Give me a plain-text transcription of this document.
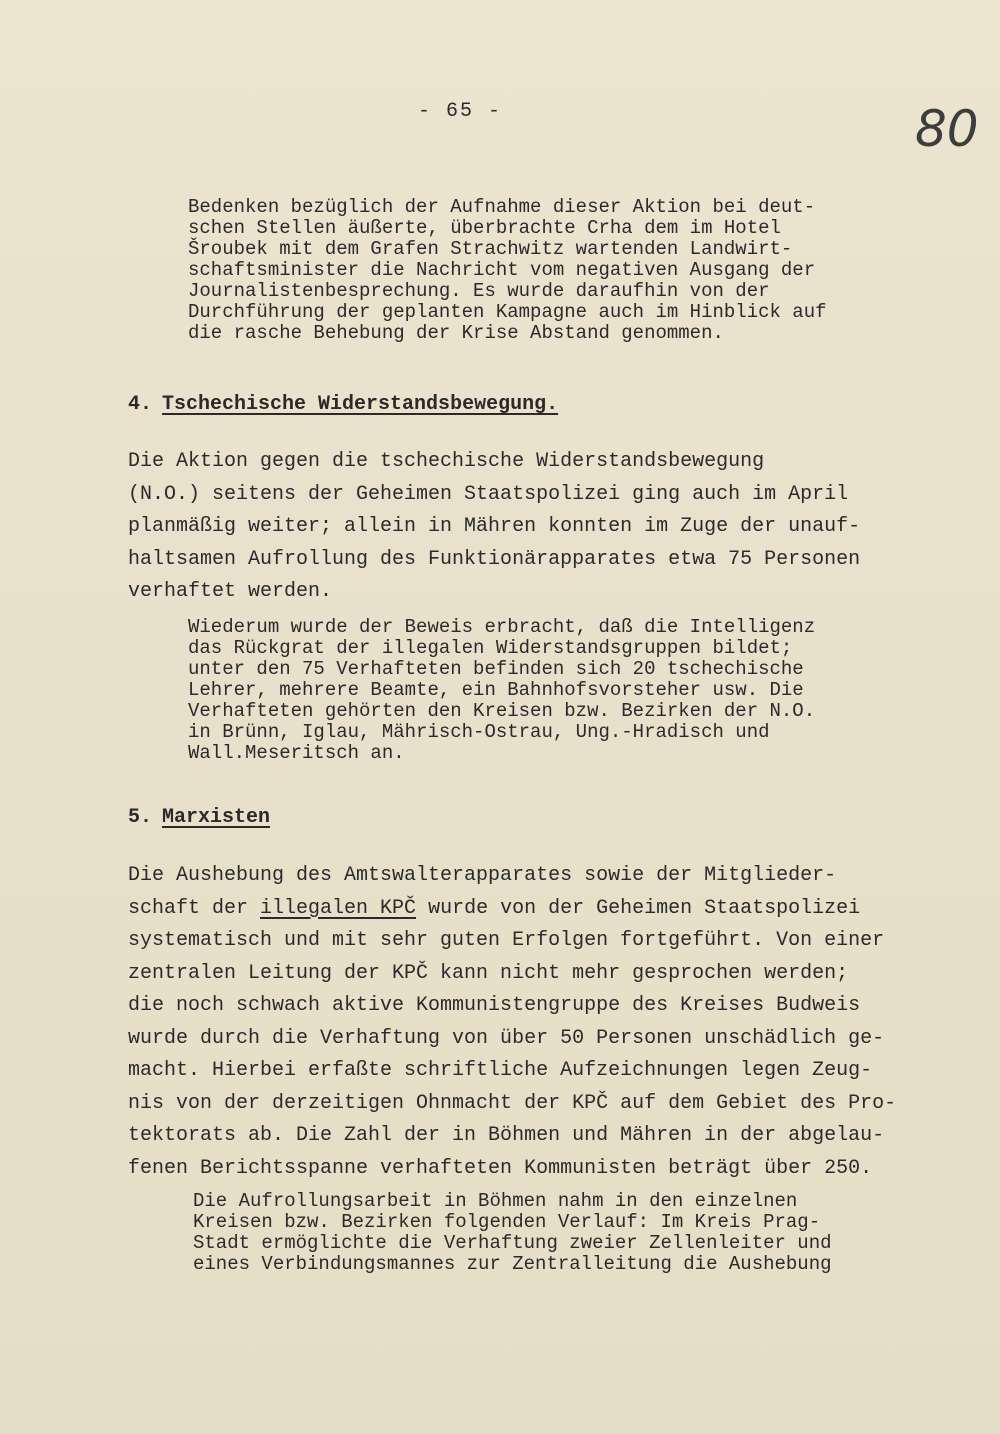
- 65 -	80

Bedenken bezüglich der Aufnahme dieser Aktion bei deut-
schen Stellen äußerte, überbrachte Crha dem im Hotel
Šroubek mit dem Grafen Strachwitz wartenden Landwirt-
schaftsminister die Nachricht vom negativen Ausgang der
Journalistenbesprechung. Es wurde daraufhin von der
Durchführung der geplanten Kampagne auch im Hinblick auf
die rasche Behebung der Krise Abstand genommen.

4. Tschechische Widerstandsbewegung.

Die Aktion gegen die tschechische Widerstandsbewegung
(N.O.) seitens der Geheimen Staatspolizei ging auch im April
planmäßig weiter; allein in Mähren konnten im Zuge der unauf-
haltsamen Aufrollung des Funktionärapparates etwa 75 Personen
verhaftet werden.

Wiederum wurde der Beweis erbracht, daß die Intelligenz
das Rückgrat der illegalen Widerstandsgruppen bildet;
unter den 75 Verhafteten befinden sich 20 tschechische
Lehrer, mehrere Beamte, ein Bahnhofsvorsteher usw. Die
Verhafteten gehörten den Kreisen bzw. Bezirken der N.O.
in Brünn, Iglau, Mährisch-Ostrau, Ung.-Hradisch und
Wall.Meseritsch an.

5. Marxisten

Die Aushebung des Amtswalterapparates sowie der Mitglieder-

schaft der illegalen KPČ wurde von der Geheimen Staatspolizei

systematisch und mit sehr guten Erfolgen fortgeführt. Von einer
zentralen Leitung der KPČ kann nicht mehr gesprochen werden;
die noch schwach aktive Kommunistengruppe des Kreises Budweis
wurde durch die Verhaftung von über 50 Personen unschädlich ge-
macht. Hierbei erfaßte schriftliche Aufzeichnungen legen Zeug-
nis von der derzeitigen Ohnmacht der KPČ auf dem Gebiet des Pro-
tektorats ab. Die Zahl der in Böhmen und Mähren in der abgelau-
fenen Berichtsspanne verhafteten Kommunisten beträgt über 250.

Die Aufrollungsarbeit in Böhmen nahm in den einzelnen
Kreisen bzw. Bezirken folgenden Verlauf: Im Kreis Prag-
Stadt ermöglichte die Verhaftung zweier Zellenleiter und
eines Verbindungsmannes zur Zentralleitung die Aushebung
